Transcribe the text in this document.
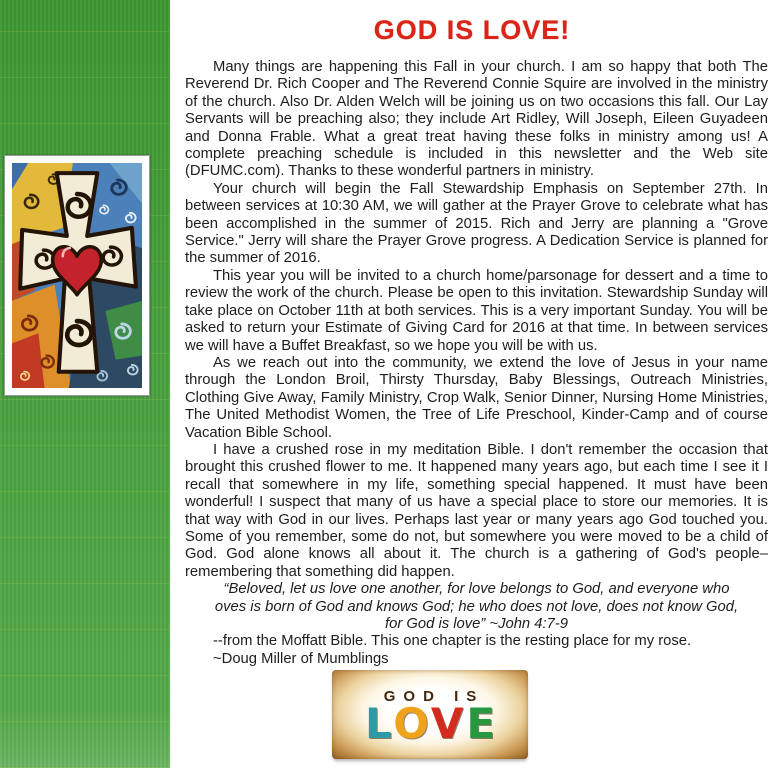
GOD IS LOVE!

Many things are happening this Fall in your church. I am so happy that both The Reverend Dr. Rich Cooper and The Reverend Connie Squire are involved in the ministry of the church. Also Dr. Alden Welch will be joining us on two occasions this fall. Our Lay Servants will be preaching also; they include Art Ridley, Will Joseph, Eileen Guyadeen and Donna Frable. What a great treat having these folks in ministry among us! A complete preaching schedule is included in this newsletter and the Web site (DFUMC.com). Thanks to these wonderful partners in ministry.

Your church will begin the Fall Stewardship Emphasis on September 27th. In between services at 10:30 AM, we will gather at the Prayer Grove to celebrate what has been accomplished in the summer of 2015. Rich and Jerry are planning a "Grove Service." Jerry will share the Prayer Grove progress. A Dedication Service is planned for the summer of 2016.

This year you will be invited to a church home/parsonage for dessert and a time to review the work of the church. Please be open to this invitation. Stewardship Sunday will take place on October 11th at both services. This is a very important Sunday. You will be asked to return your Estimate of Giving Card for 2016 at that time. In between services we will have a Buffet Breakfast, so we hope you will be with us.

As we reach out into the community, we extend the love of Jesus in your name through the London Broil, Thirsty Thursday, Baby Blessings, Outreach Ministries, Clothing Give Away, Family Ministry, Crop Walk, Senior Dinner, Nursing Home Ministries, The United Methodist Women, the Tree of Life Preschool, Kinder-Camp and of course Vacation Bible School.

I have a crushed rose in my meditation Bible. I don't remember the occasion that brought this crushed flower to me. It happened many years ago, but each time I see it I recall that somewhere in my life, something special happened. It must have been wonderful! I suspect that many of us have a special place to store our memories. It is that way with God in our lives. Perhaps last year or many years ago God touched you. Some of you remember, some do not, but somewhere you were moved to be a child of God. God alone knows all about it. The church is a gathering of God's people–remembering that something did happen.

“Beloved, let us love one another, for love belongs to God, and everyone who
oves is born of God and knows God; he who does not love, does not know God,
for God is love” ~John 4:7-9

--from the Moffatt Bible. This one chapter is the resting place for my rose.

~Doug Miller of Mumblings

GOD IS
LOVE
